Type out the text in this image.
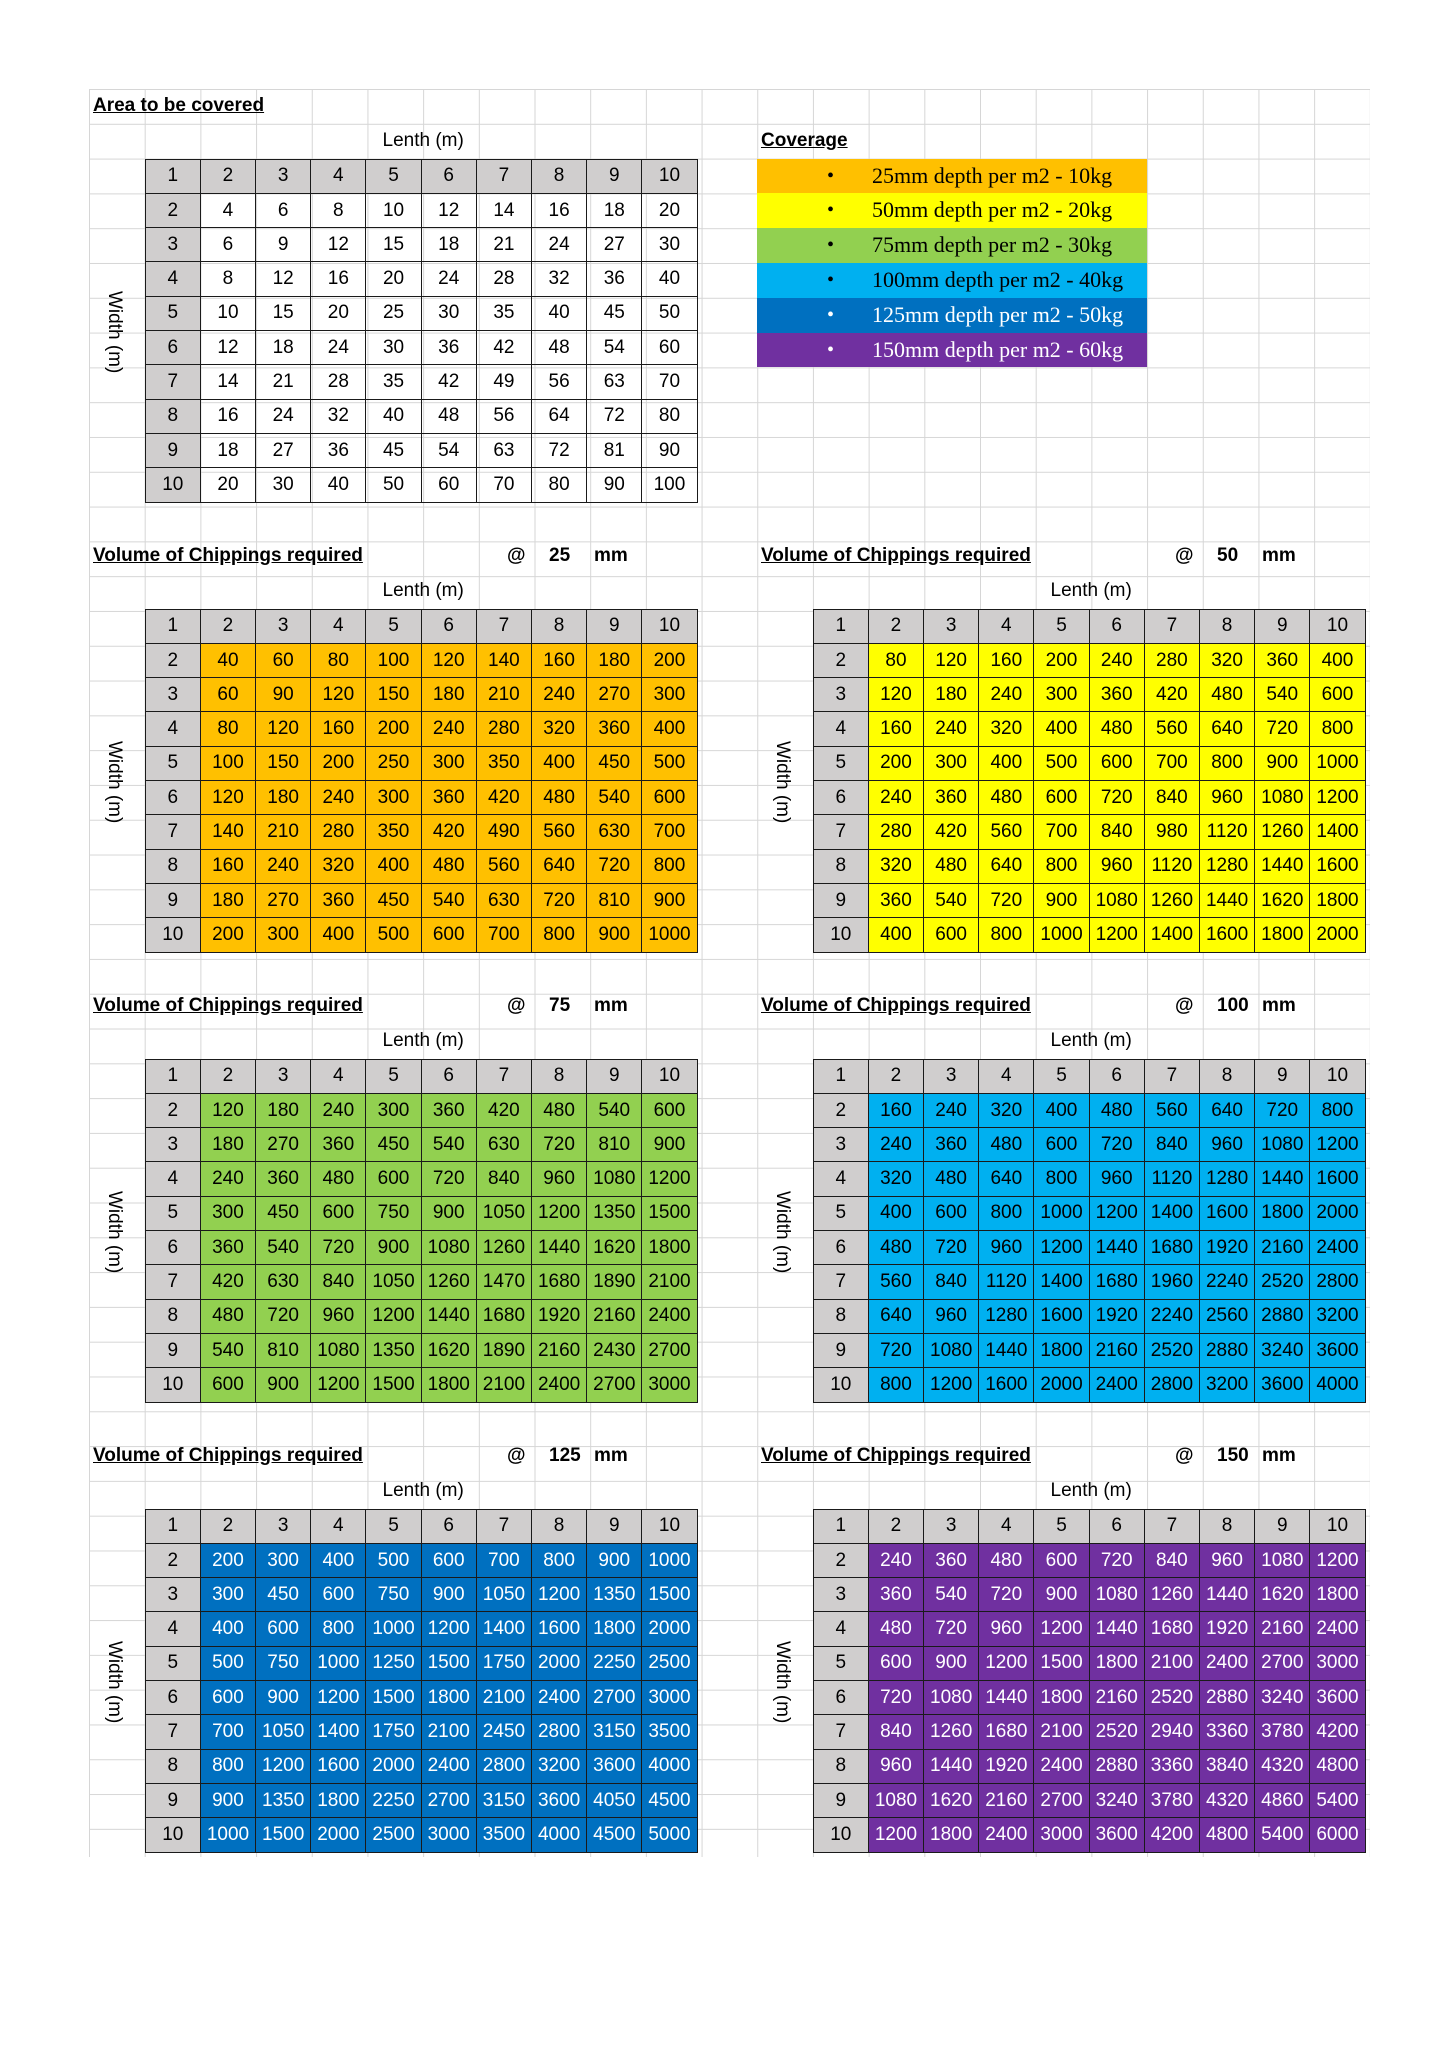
Area to be covered
Lenth (m)
Width (m)
1	2	3	4	5	6	7	8	9	10
2	4	6	8	10	12	14	16	18	20
3	6	9	12	15	18	21	24	27	30
4	8	12	16	20	24	28	32	36	40
5	10	15	20	25	30	35	40	45	50
6	12	18	24	30	36	42	48	54	60
7	14	21	28	35	42	49	56	63	70
8	16	24	32	40	48	56	64	72	80
9	18	27	36	45	54	63	72	81	90
10	20	30	40	50	60	70	80	90	100
Coverage
• 25mm depth per m2 - 10kg
• 50mm depth per m2 - 20kg
• 75mm depth per m2 - 30kg
• 100mm depth per m2 - 40kg
• 125mm depth per m2 - 50kg
• 150mm depth per m2 - 60kg
Volume of Chippings required	@ 25 mm
Lenth (m)
Width (m)
1	2	3	4	5	6	7	8	9	10
2	40	60	80	100	120	140	160	180	200
3	60	90	120	150	180	210	240	270	300
4	80	120	160	200	240	280	320	360	400
5	100	150	200	250	300	350	400	450	500
6	120	180	240	300	360	420	480	540	600
7	140	210	280	350	420	490	560	630	700
8	160	240	320	400	480	560	640	720	800
9	180	270	360	450	540	630	720	810	900
10	200	300	400	500	600	700	800	900	1000
Volume of Chippings required	@ 50 mm
Lenth (m)
Width (m)
1	2	3	4	5	6	7	8	9	10
2	80	120	160	200	240	280	320	360	400
3	120	180	240	300	360	420	480	540	600
4	160	240	320	400	480	560	640	720	800
5	200	300	400	500	600	700	800	900	1000
6	240	360	480	600	720	840	960	1080	1200
7	280	420	560	700	840	980	1120	1260	1400
8	320	480	640	800	960	1120	1280	1440	1600
9	360	540	720	900	1080	1260	1440	1620	1800
10	400	600	800	1000	1200	1400	1600	1800	2000
Volume of Chippings required	@ 75 mm
Lenth (m)
Width (m)
1	2	3	4	5	6	7	8	9	10
2	120	180	240	300	360	420	480	540	600
3	180	270	360	450	540	630	720	810	900
4	240	360	480	600	720	840	960	1080	1200
5	300	450	600	750	900	1050	1200	1350	1500
6	360	540	720	900	1080	1260	1440	1620	1800
7	420	630	840	1050	1260	1470	1680	1890	2100
8	480	720	960	1200	1440	1680	1920	2160	2400
9	540	810	1080	1350	1620	1890	2160	2430	2700
10	600	900	1200	1500	1800	2100	2400	2700	3000
Volume of Chippings required	@ 100 mm
Lenth (m)
Width (m)
1	2	3	4	5	6	7	8	9	10
2	160	240	320	400	480	560	640	720	800
3	240	360	480	600	720	840	960	1080	1200
4	320	480	640	800	960	1120	1280	1440	1600
5	400	600	800	1000	1200	1400	1600	1800	2000
6	480	720	960	1200	1440	1680	1920	2160	2400
7	560	840	1120	1400	1680	1960	2240	2520	2800
8	640	960	1280	1600	1920	2240	2560	2880	3200
9	720	1080	1440	1800	2160	2520	2880	3240	3600
10	800	1200	1600	2000	2400	2800	3200	3600	4000
Volume of Chippings required	@ 125 mm
Lenth (m)
Width (m)
1	2	3	4	5	6	7	8	9	10
2	200	300	400	500	600	700	800	900	1000
3	300	450	600	750	900	1050	1200	1350	1500
4	400	600	800	1000	1200	1400	1600	1800	2000
5	500	750	1000	1250	1500	1750	2000	2250	2500
6	600	900	1200	1500	1800	2100	2400	2700	3000
7	700	1050	1400	1750	2100	2450	2800	3150	3500
8	800	1200	1600	2000	2400	2800	3200	3600	4000
9	900	1350	1800	2250	2700	3150	3600	4050	4500
10	1000	1500	2000	2500	3000	3500	4000	4500	5000
Volume of Chippings required	@ 150 mm
Lenth (m)
Width (m)
1	2	3	4	5	6	7	8	9	10
2	240	360	480	600	720	840	960	1080	1200
3	360	540	720	900	1080	1260	1440	1620	1800
4	480	720	960	1200	1440	1680	1920	2160	2400
5	600	900	1200	1500	1800	2100	2400	2700	3000
6	720	1080	1440	1800	2160	2520	2880	3240	3600
7	840	1260	1680	2100	2520	2940	3360	3780	4200
8	960	1440	1920	2400	2880	3360	3840	4320	4800
9	1080	1620	2160	2700	3240	3780	4320	4860	5400
10	1200	1800	2400	3000	3600	4200	4800	5400	6000
